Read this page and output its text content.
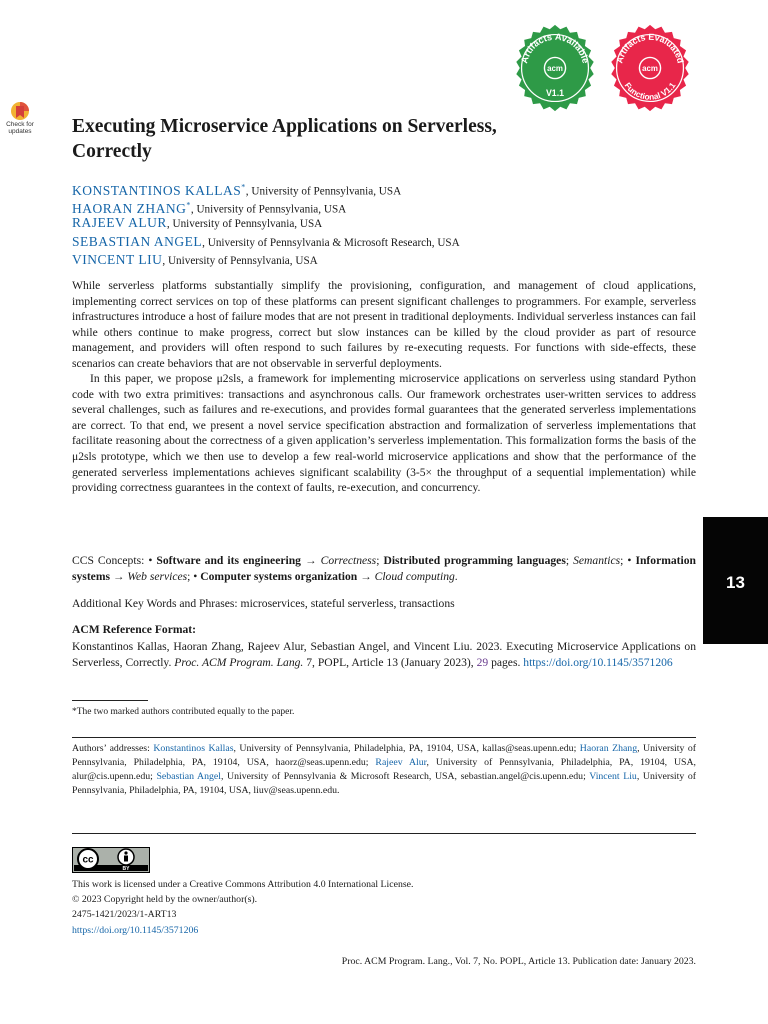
Check for
updates
Artifacts Available
acm
V1.1
Artifacts Evaluated
acm
Functional V1.1
Executing Microservice Applications on Serverless,
Correctly
KONSTANTINOS KALLAS*, University of Pennsylvania, USA
HAORAN ZHANG*, University of Pennsylvania, USA
RAJEEV ALUR, University of Pennsylvania, USA
SEBASTIAN ANGEL, University of Pennsylvania & Microsoft Research, USA
VINCENT LIU, University of Pennsylvania, USA

While serverless platforms substantially simplify the provisioning, configuration, and management of cloud applications, implementing correct services on top of these platforms can present significant challenges to programmers. For example, serverless infrastructures introduce a host of failure modes that are not present in traditional deployments. Individual serverless instances can fail while others continue to make progress, correct but slow instances can be killed by the cloud provider as part of resource management, and providers will often respond to such failures by re-executing requests. For functions with side-effects, these scenarios can create behaviors that are not observable in serverful deployments.

In this paper, we propose μ2sls, a framework for implementing microservice applications on serverless using standard Python code with two extra primitives: transactions and asynchronous calls. Our framework orchestrates user-written services to address several challenges, such as failures and re-executions, and provides formal guarantees that the generated serverless implementations are correct. To that end, we present a novel service specification abstraction and formalization of serverless implementations that facilitate reasoning about the correctness of a given application’s serverless implementation. This formalization forms the basis of the μ2sls prototype, which we then use to develop a few real-world microservice applications and show that the performance of the generated serverless implementations achieves significant scalability (3-5× the throughput of a sequential implementation) while providing correctness guarantees in the context of faults, re-execution, and concurrency.

CCS Concepts: • Software and its engineering → Correctness; Distributed programming languages; Semantics; • Information systems → Web services; • Computer systems organization → Cloud computing.
Additional Key Words and Phrases: microservices, stateful serverless, transactions
ACM Reference Format:
Konstantinos Kallas, Haoran Zhang, Rajeev Alur, Sebastian Angel, and Vincent Liu. 2023. Executing Microservice Applications on Serverless, Correctly. Proc. ACM Program. Lang. 7, POPL, Article 13 (January 2023), 29 pages. https://doi.org/10.1145/3571206
*The two marked authors contributed equally to the paper.
Authors’ addresses: Konstantinos Kallas, University of Pennsylvania, Philadelphia, PA, 19104, USA, kallas@seas.upenn.edu; Haoran Zhang, University of Pennsylvania, Philadelphia, PA, 19104, USA, haorz@seas.upenn.edu; Rajeev Alur, University of Pennsylvania, Philadelphia, PA, 19104, USA, alur@cis.upenn.edu; Sebastian Angel, University of Pennsylvania & Microsoft Research, USA, sebastian.angel@cis.upenn.edu; Vincent Liu, University of Pennsylvania, Philadelphia, PA, 19104, USA, liuv@seas.upenn.edu.
cc
BY
This work is licensed under a Creative Commons Attribution 4.0 International License.
© 2023 Copyright held by the owner/author(s).
2475-1421/2023/1-ART13
https://doi.org/10.1145/3571206
Proc. ACM Program. Lang., Vol. 7, No. POPL, Article 13. Publication date: January 2023.
13
